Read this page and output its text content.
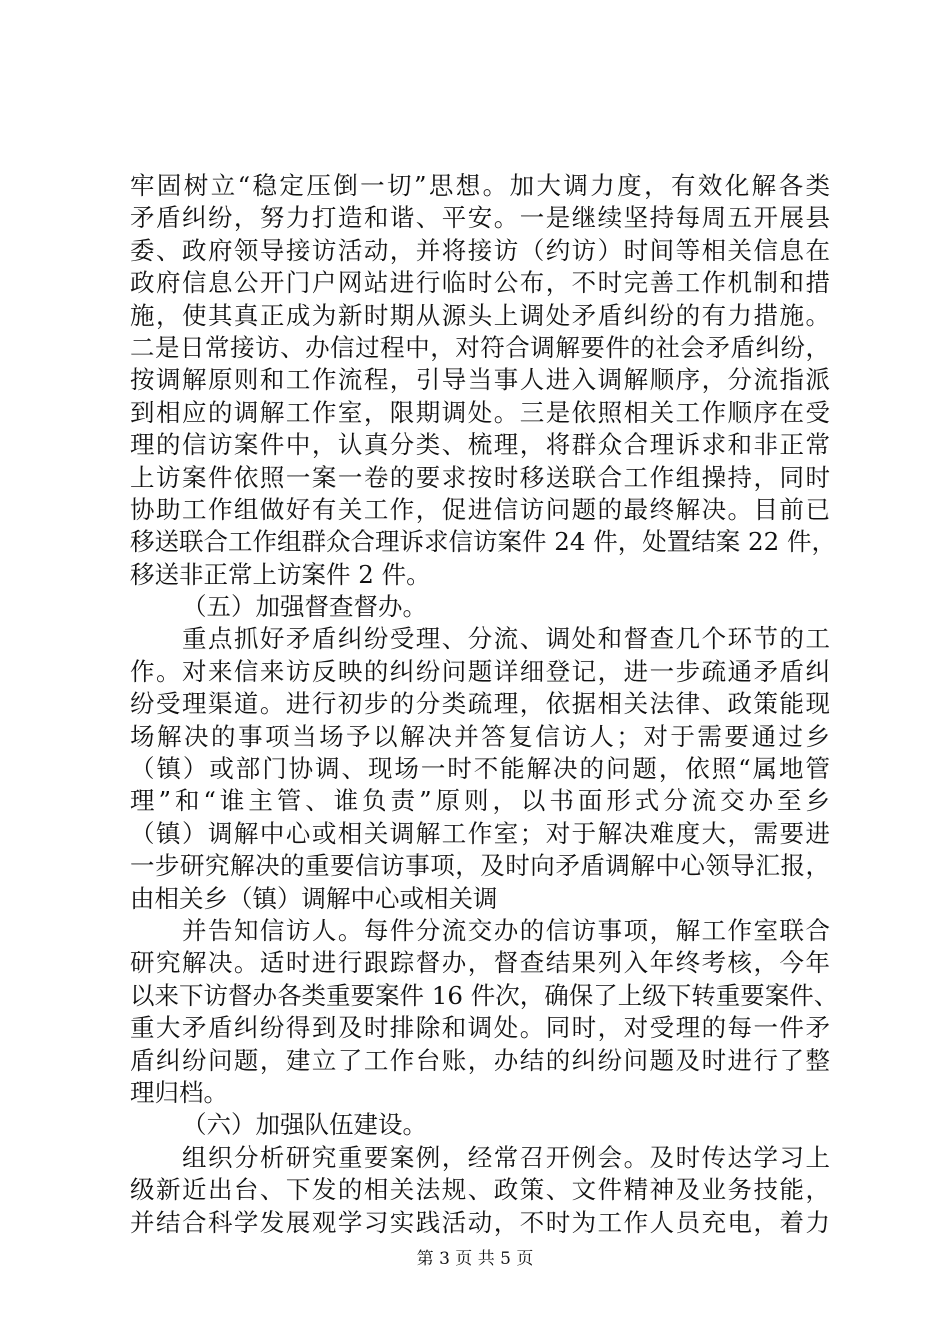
牢固树立“稳定压倒一切”思想。加大调力度，有效化解各类
矛盾纠纷，努力打造和谐、平安。一是继续坚持每周五开展县
委、政府领导接访活动，并将接访（约访）时间等相关信息在
政府信息公开门户网站进行临时公布，不时完善工作机制和措
施，使其真正成为新时期从源头上调处矛盾纠纷的有力措施。
二是日常接访、办信过程中，对符合调解要件的社会矛盾纠纷，
按调解原则和工作流程，引导当事人进入调解顺序，分流指派
到相应的调解工作室，限期调处。三是依照相关工作顺序在受
理的信访案件中，认真分类、梳理，将群众合理诉求和非正常
上访案件依照一案一卷的要求按时移送联合工作组操持，同时
协助工作组做好有关工作，促进信访问题的最终解决。目前已
移送联合工作组群众合理诉求信访案件 24 件，处置结案 22 件，
移送非正常上访案件 2 件。
（五）加强督查督办。
重点抓好矛盾纠纷受理、分流、调处和督查几个环节的工
作。对来信来访反映的纠纷问题详细登记，进一步疏通矛盾纠
纷受理渠道。进行初步的分类疏理，依据相关法律、政策能现
场解决的事项当场予以解决并答复信访人；对于需要通过乡
（镇）或部门协调、现场一时不能解决的问题，依照“属地管
理”和“谁主管、谁负责”原则，以书面形式分流交办至乡
（镇）调解中心或相关调解工作室；对于解决难度大，需要进
一步研究解决的重要信访事项，及时向矛盾调解中心领导汇报，
由相关乡（镇）调解中心或相关调
并告知信访人。每件分流交办的信访事项，解工作室联合
研究解决。适时进行跟踪督办，督查结果列入年终考核，今年
以来下访督办各类重要案件 16 件次，确保了上级下转重要案件、
重大矛盾纠纷得到及时排除和调处。同时，对受理的每一件矛
盾纠纷问题，建立了工作台账，办结的纠纷问题及时进行了整
理归档。
（六）加强队伍建设。
组织分析研究重要案例，经常召开例会。及时传达学习上
级新近出台、下发的相关法规、政策、文件精神及业务技能，
并结合科学发展观学习实践活动，不时为工作人员充电，着力
第 3 页 共 5 页
